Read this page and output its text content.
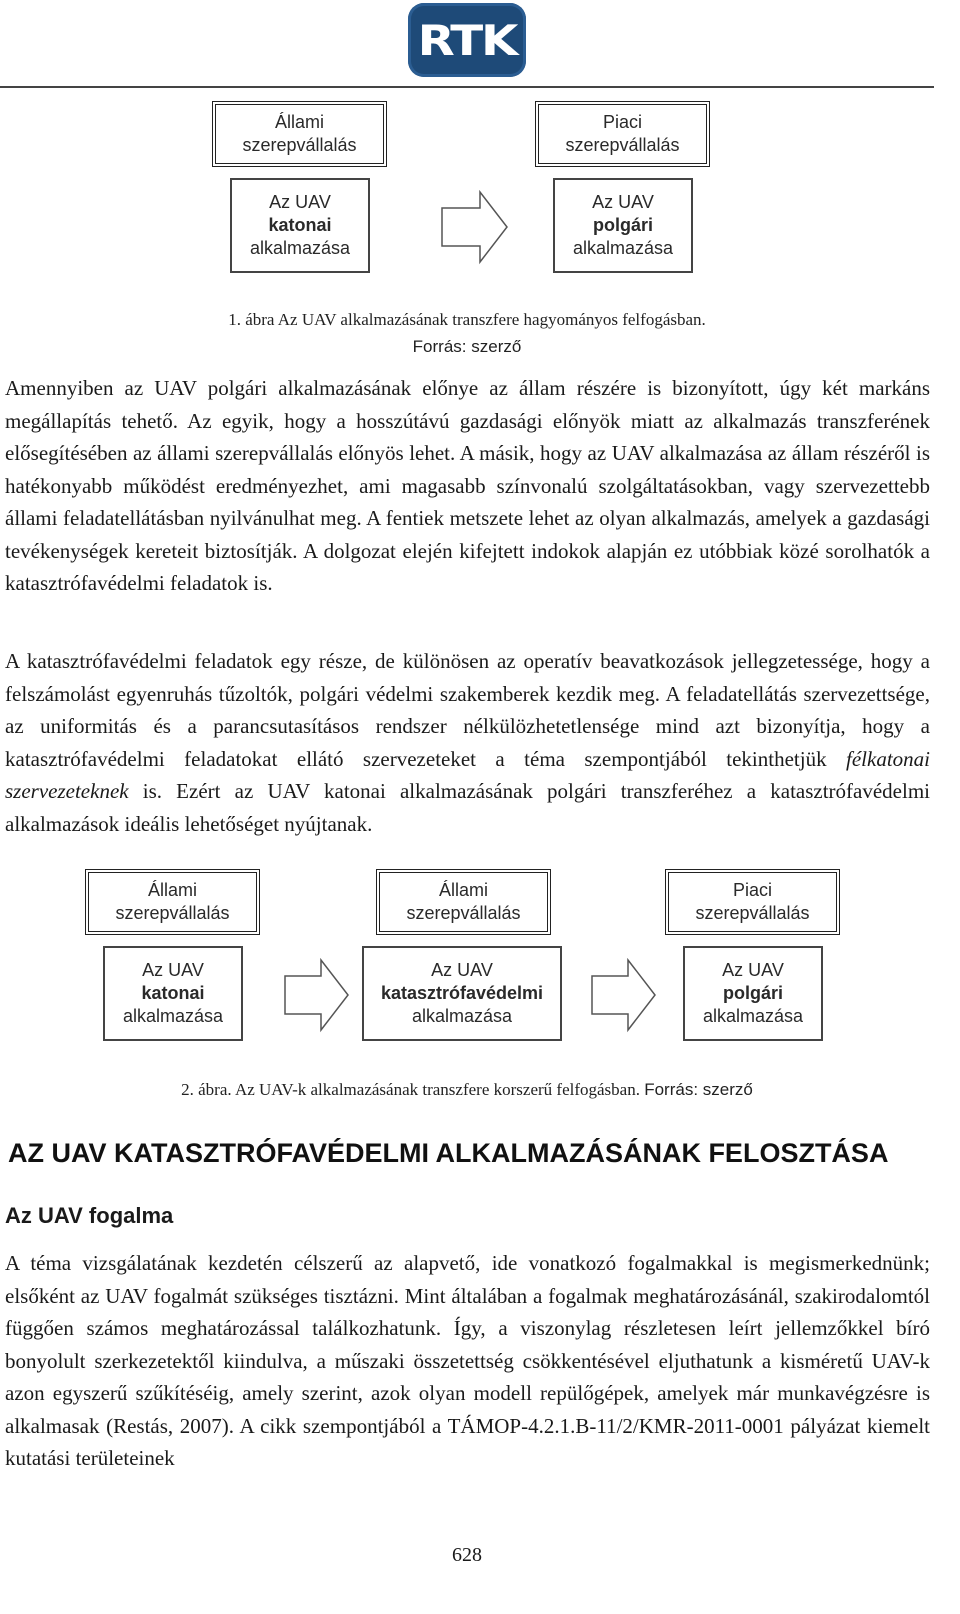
RTK
Állami
szerepvállalás
Piaci
szerepvállalás
Az UAV
katonai
alkalmazása
Az UAV
polgári
alkalmazása
1. ábra Az UAV alkalmazásának transzfere hagyományos felfogásban.
Forrás: szerző

Amennyiben az UAV polgári alkalmazásának előnye az állam részére is bizonyított, úgy két markáns megállapítás tehető. Az egyik, hogy a hosszútávú gazdasági előnyök miatt az alkalmazás transzferének elősegítésében az állami szerepvállalás előnyös lehet. A másik, hogy az UAV alkalmazása az állam részéről is hatékonyabb működést eredményezhet, ami magasabb színvonalú szolgáltatásokban, vagy szervezettebb állami feladatellátásban nyilvánulhat meg. A fentiek metszete lehet az olyan alkalmazás, amelyek a gazdasági tevékenységek kereteit biztosítják. A dolgozat elején kifejtett indokok alapján ez utóbbiak közé sorolhatók a katasztrófavédelmi feladatok is.

A katasztrófavédelmi feladatok egy része, de különösen az operatív beavatkozások jellegzetessége, hogy a felszámolást egyenruhás tűzoltók, polgári védelmi szakemberek kezdik meg. A feladatellátás szervezettsége, az uniformitás és a parancsutasításos rendszer nélkülözhetetlensége mind azt bizonyítja, hogy a katasztrófavédelmi feladatokat ellátó szervezeteket a téma szempontjából tekinthetjük félkatonai szervezeteknek is. Ezért az UAV katonai alkalmazásának polgári transzferéhez a katasztrófavédelmi alkalmazások ideális lehetőséget nyújtanak.

Állami
szerepvállalás
Állami
szerepvállalás
Piaci
szerepvállalás
Az UAV
katonai
alkalmazása
Az UAV
katasztrófavédelmi
alkalmazása
Az UAV
polgári
alkalmazása
2. ábra. Az UAV-k alkalmazásának transzfere korszerű felfogásban. Forrás: szerző
AZ UAV KATASZTRÓFAVÉDELMI ALKALMAZÁSÁNAK FELOSZTÁSA
Az UAV fogalma

A téma vizsgálatának kezdetén célszerű az alapvető, ide vonatkozó fogalmakkal is megismerkednünk; elsőként az UAV fogalmát szükséges tisztázni. Mint általában a fogalmak meghatározásánál, szakirodalomtól függően számos meghatározással találkozhatunk. Így, a viszonylag részletesen leírt jellemzőkkel bíró bonyolult szerkezetektől kiindulva, a műszaki összetettség csökkentésével eljuthatunk a kisméretű UAV-k azon egyszerű szűkítéséig, amely szerint, azok olyan modell repülőgépek, amelyek már munkavégzésre is alkalmasak (Restás, 2007). A cikk szempontjából a TÁMOP-4.2.1.B-11/2/KMR-2011-0001 pályázat kiemelt kutatási területeinek

628
